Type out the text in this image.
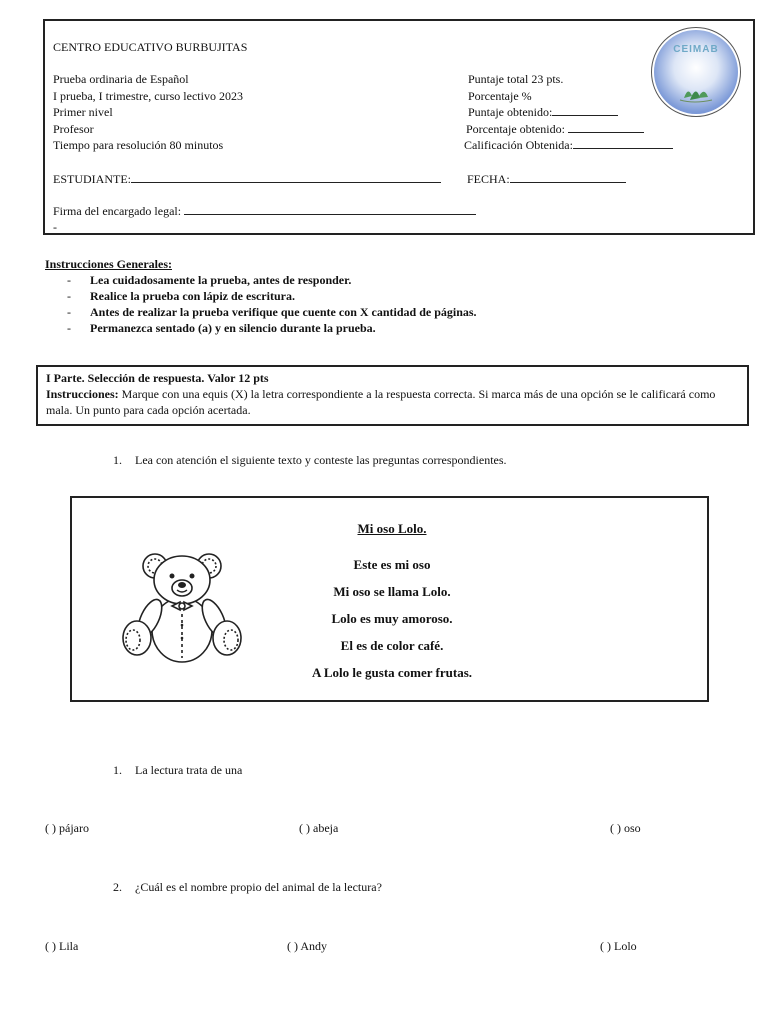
CENTRO EDUCATIVO BURBUJITAS
Prueba ordinaria de Español
I prueba, I trimestre, curso lectivo 2023
Primer nivel
Profesor
Tiempo para resolución 80 minutos
Puntaje total 23 pts.
Porcentaje %
Puntaje obtenido:
Porcentaje obtenido:
Calificación Obtenida:
ESTUDIANTE:	FECHA:
Firma del encargado legal:
-
CEIMAB
Instrucciones Generales:
- Lea cuidadosamente la prueba, antes de responder.
- Realice la prueba con lápiz de escritura.
- Antes de realizar la prueba verifique que cuente con X cantidad de páginas.
- Permanezca sentado (a) y en silencio durante la prueba.
I Parte. Selección de respuesta. Valor 12 pts
Instrucciones: Marque con una equis (X) la letra correspondiente a la respuesta correcta. Si marca más de una opción se le calificará como mala. Un punto para cada opción acertada.
1. Lea con atención el siguiente texto y conteste las preguntas correspondientes.
Mi oso Lolo.
Este es mi oso
Mi oso se llama Lolo.
Lolo es muy amoroso.
El es de color café.
A Lolo le gusta comer frutas.
1. La lectura trata de una
( ) pájaro	( ) abeja	( ) oso
2. ¿Cuál es el nombre propio del animal de la lectura?
( ) Lila	( ) Andy	( ) Lolo
